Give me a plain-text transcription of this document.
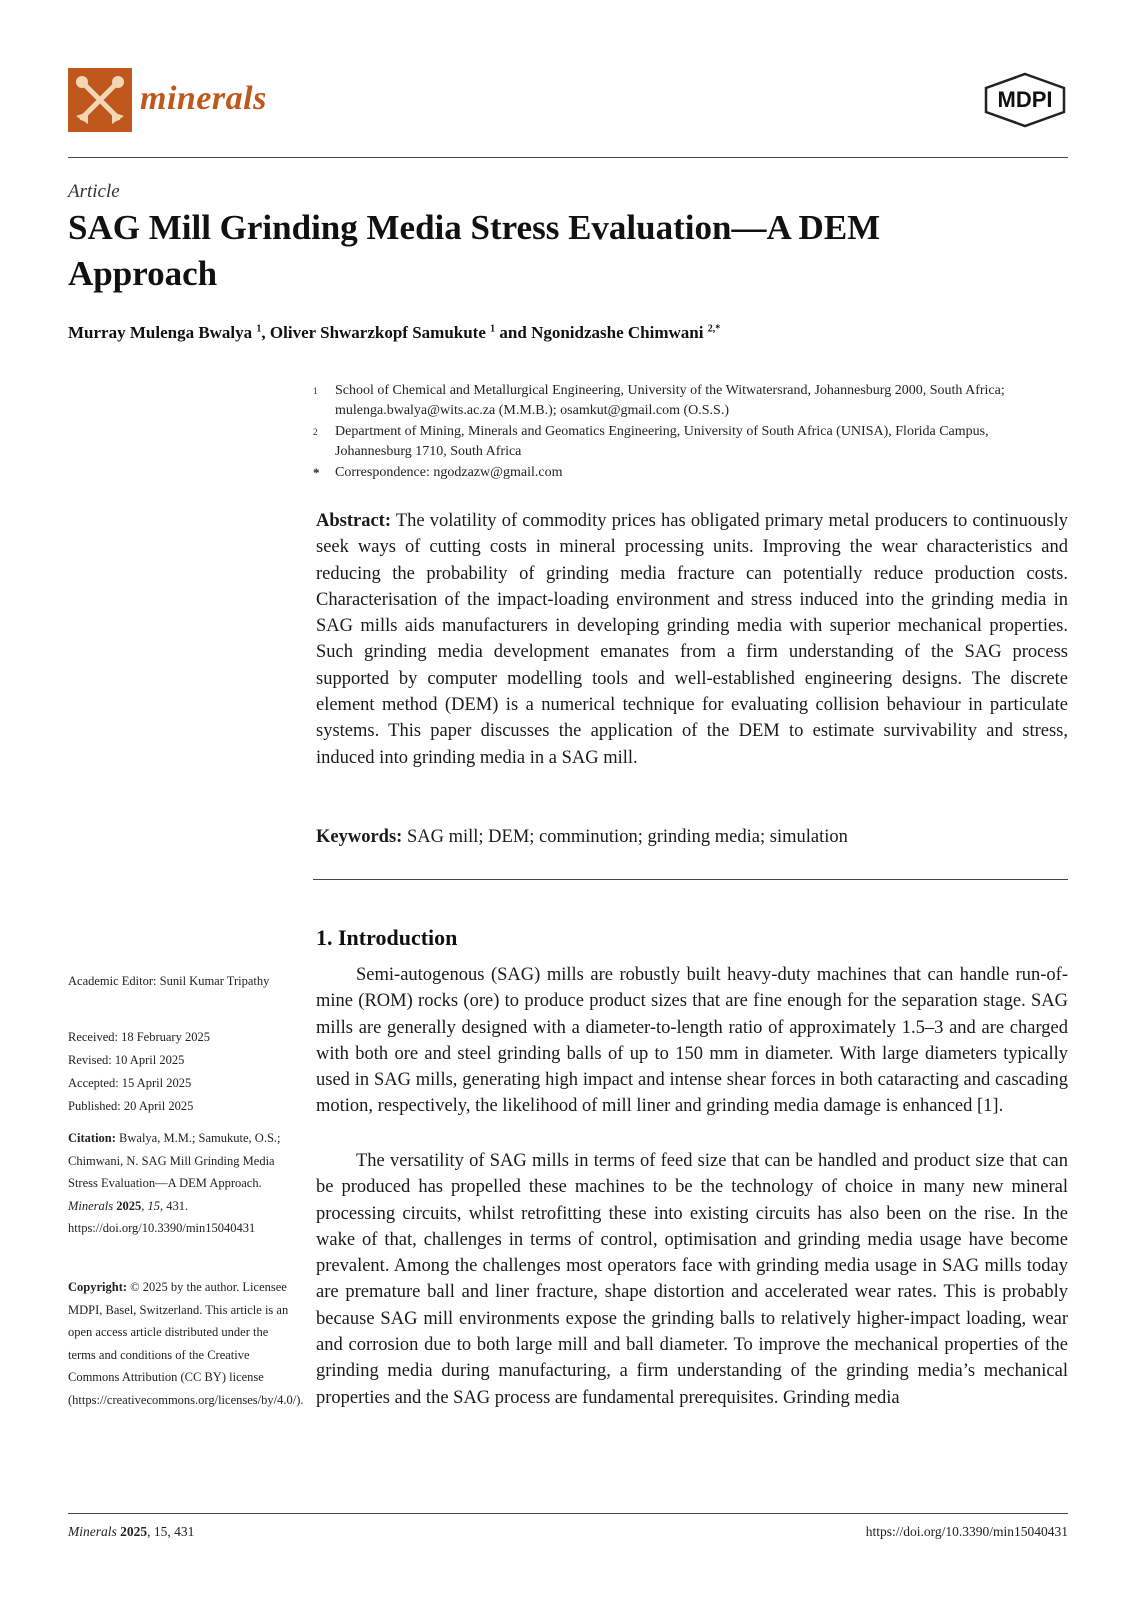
minerals	MDPI
Article
SAG Mill Grinding Media Stress Evaluation—A DEM Approach
Murray Mulenga Bwalya $^1$, Oliver Shwarzkopf Samukute $^1$ and Ngonidzashe Chimwani $^{2,*}$
1 School of Chemical and Metallurgical Engineering, University of the Witwatersrand, Johannesburg 2000, South Africa; mulenga.bwalya@wits.ac.za (M.M.B.); osamkut@gmail.com (O.S.S.)
2 Department of Mining, Minerals and Geomatics Engineering, University of South Africa (UNISA), Florida Campus, Johannesburg 1710, South Africa
* Correspondence: ngodzazw@gmail.com
Abstract: The volatility of commodity prices has obligated primary metal producers to continuously seek ways of cutting costs in mineral processing units. Improving the wear characteristics and reducing the probability of grinding media fracture can potentially reduce production costs. Characterisation of the impact-loading environment and stress induced into the grinding media in SAG mills aids manufacturers in developing grinding media with superior mechanical properties. Such grinding media development emanates from a firm understanding of the SAG process supported by computer modelling tools and well-established engineering designs. The discrete element method (DEM) is a numerical technique for evaluating collision behaviour in particulate systems. This paper discusses the application of the DEM to estimate survivability and stress, induced into grinding media in a SAG mill.
Keywords: SAG mill; DEM; comminution; grinding media; simulation
1. Introduction
Semi-autogenous (SAG) mills are robustly built heavy-duty machines that can handle run-of-mine (ROM) rocks (ore) to produce product sizes that are fine enough for the separation stage. SAG mills are generally designed with a diameter-to-length ratio of approximately 1.5–3 and are charged with both ore and steel grinding balls of up to 150 mm in diameter. With large diameters typically used in SAG mills, generating high impact and intense shear forces in both cataracting and cascading motion, respectively, the likelihood of mill liner and grinding media damage is enhanced [1].
The versatility of SAG mills in terms of feed size that can be handled and product size that can be produced has propelled these machines to be the technology of choice in many new mineral processing circuits, whilst retrofitting these into existing circuits has also been on the rise. In the wake of that, challenges in terms of control, optimisation and grinding media usage have become prevalent. Among the challenges most operators face with grinding media usage in SAG mills today are premature ball and liner fracture, shape distortion and accelerated wear rates. This is probably because SAG mill environments expose the grinding balls to relatively higher-impact loading, wear and corrosion due to both large mill and ball diameter. To improve the mechanical properties of the grinding media during manufacturing, a firm understanding of the grinding media’s mechanical properties and the SAG process are fundamental prerequisites. Grinding media
Academic Editor: Sunil Kumar Tripathy
Received: 18 February 2025
Revised: 10 April 2025
Accepted: 15 April 2025
Published: 20 April 2025
Citation: Bwalya, M.M.; Samukute, O.S.; Chimwani, N. SAG Mill Grinding Media Stress Evaluation—A DEM Approach. Minerals 2025, 15, 431. https://doi.org/10.3390/min15040431
Copyright: © 2025 by the author. Licensee MDPI, Basel, Switzerland. This article is an open access article distributed under the terms and conditions of the Creative Commons Attribution (CC BY) license (https://creativecommons.org/licenses/by/4.0/).
Minerals 2025, 15, 431	https://doi.org/10.3390/min15040431
